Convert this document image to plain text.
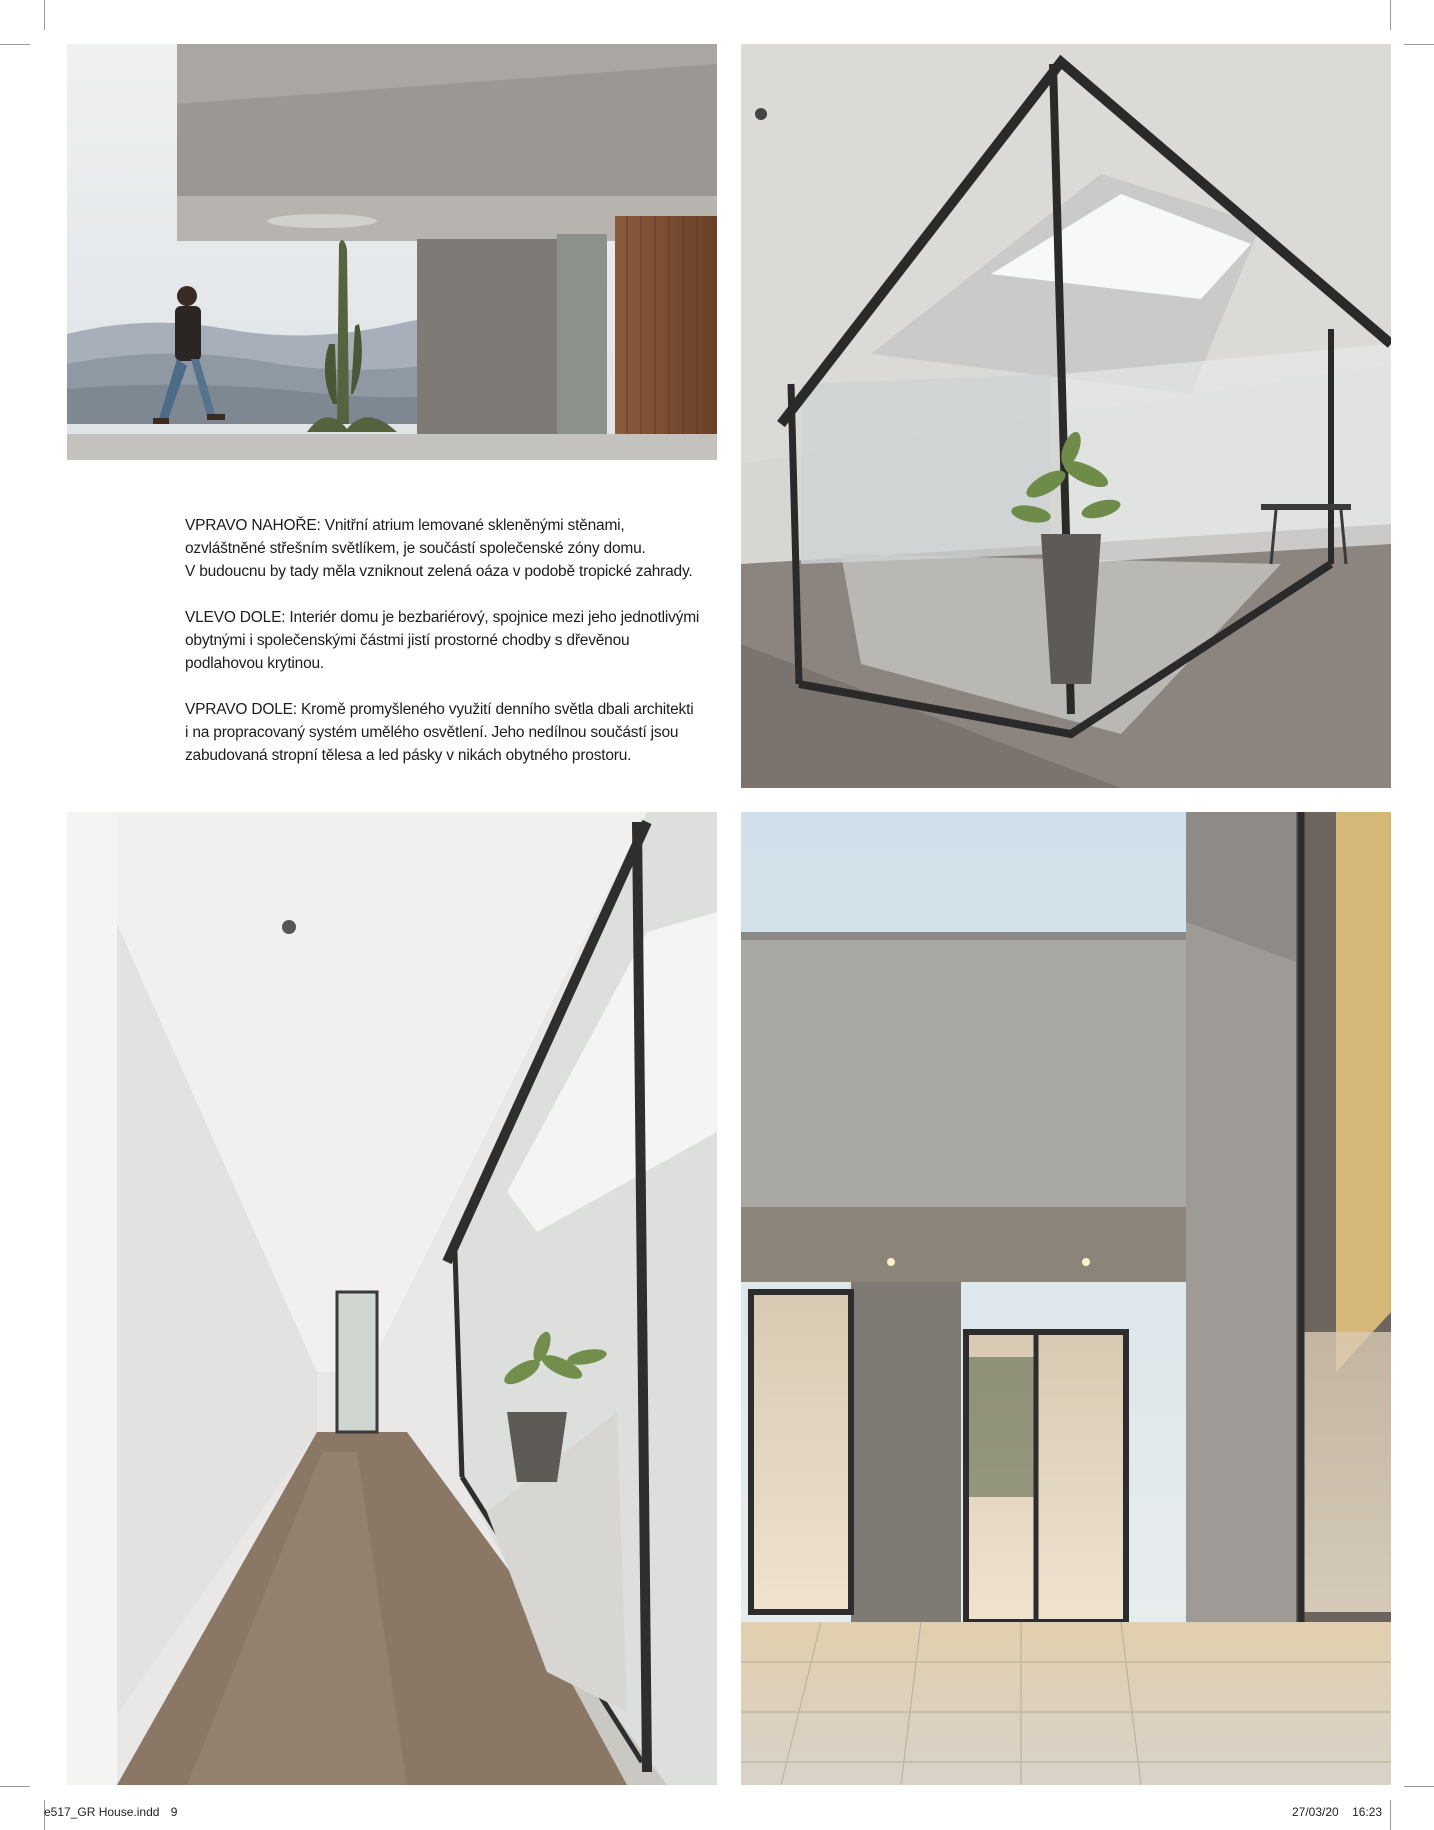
VPRAVO NAHOŘE: Vnitřní atrium lemované skleněnými stěnami,
ozvláštněné střešním světlíkem, je součástí společenské zóny domu.
V budoucnu by tady měla vzniknout zelená oáza v podobě tropické zahrady.

VLEVO DOLE: Interiér domu je bezbariérový, spojnice mezi jeho jednotlivými
obytnými i společenskými částmi jistí prostorné chodby s dřevěnou
podlahovou krytinou.

VPRAVO DOLE: Kromě promyšleného využití denního světla dbali architekti
i na propracovaný systém umělého osvětlení. Jeho nedílnou součástí jsou
zabudovaná stropní tělesa a led pásky v nikách obytného prostoru.

e517_GR House.indd 9	27/03/20 16:23
